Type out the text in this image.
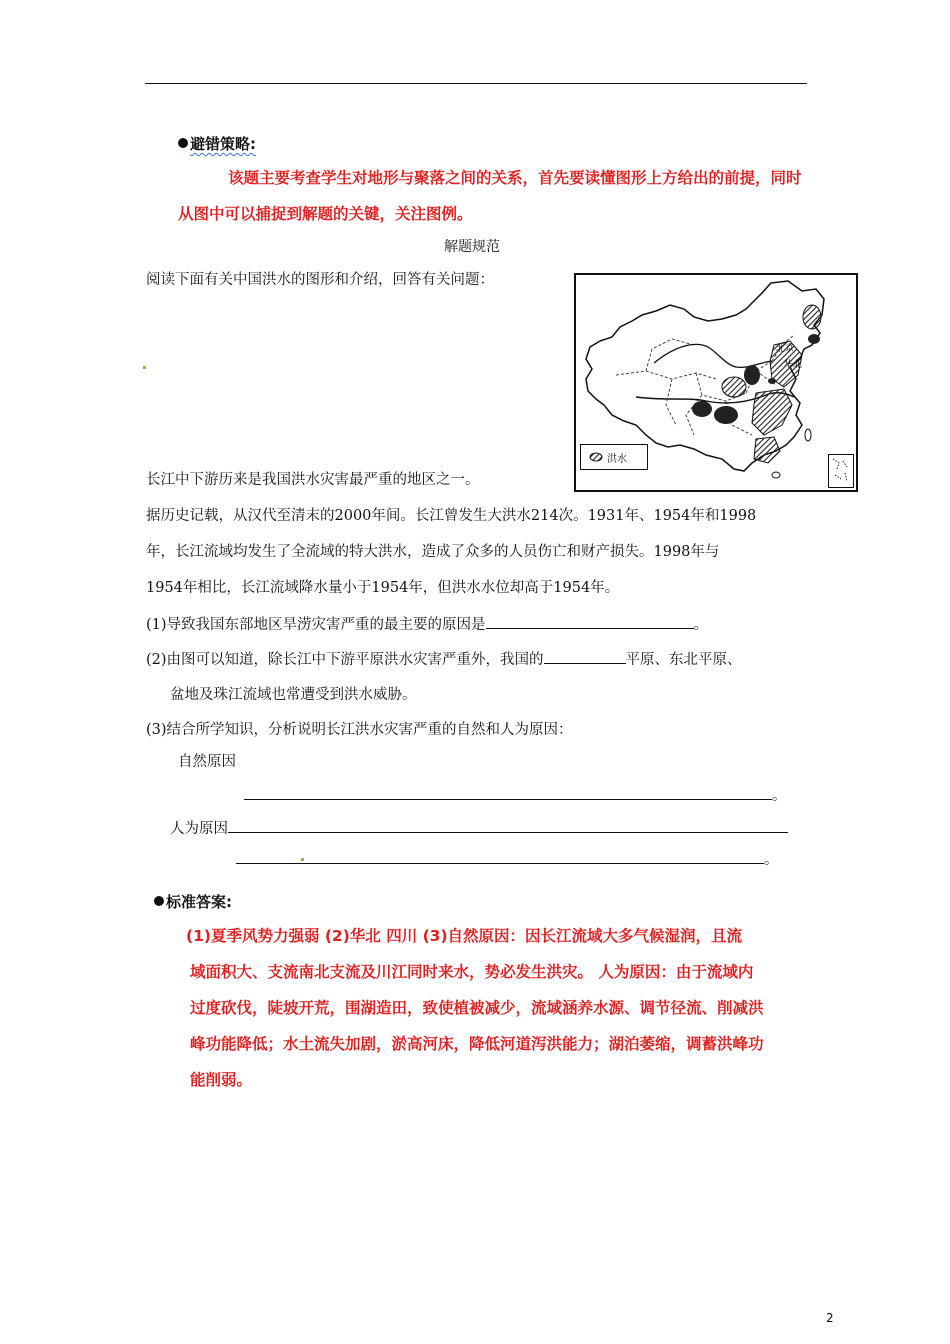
避错策略:
该题主要考查学生对地形与聚落之间的关系，首先要读懂图形上方给出的前提，同时
从图中可以捕捉到解题的关键，关注图例。
解题规范
阅读下面有关中国洪水的图形和介绍，回答有关问题：
北京
华北
洪水
长江中下游历来是我国洪水灾害最严重的地区之一。
据历史记载，从汉代至清末的2000年间。长江曾发生大洪水214次。1931年、1954年和1998
年，长江流域均发生了全流域的特大洪水，造成了众多的人员伤亡和财产损失。1998年与
1954年相比，长江流域降水量小于1954年，但洪水水位却高于1954年。
(1)导致我国东部地区旱涝灾害严重的最主要的原因是	。
(2)由图可以知道，除长江中下游平原洪水灾害严重外，我国的	平原、东北平原、
盆地及珠江流域也常遭受到洪水威胁。
(3)结合所学知识，分析说明长江洪水灾害严重的自然和人为原因：
自然原因
。
人为原因
。
标准答案:
(1)夏季风势力强弱 (2)华北 四川 (3)自然原因：因长江流域大多气候湿润，且流
域面积大、支流南北支流及川江同时来水，势必发生洪灾。 人为原因：由于流域内
过度砍伐，陡坡开荒，围湖造田，致使植被减少，流域涵养水源、调节径流、削减洪
峰功能降低；水土流失加剧，淤高河床，降低河道泻洪能力；湖泊萎缩，调蓄洪峰功
能削弱。
2
